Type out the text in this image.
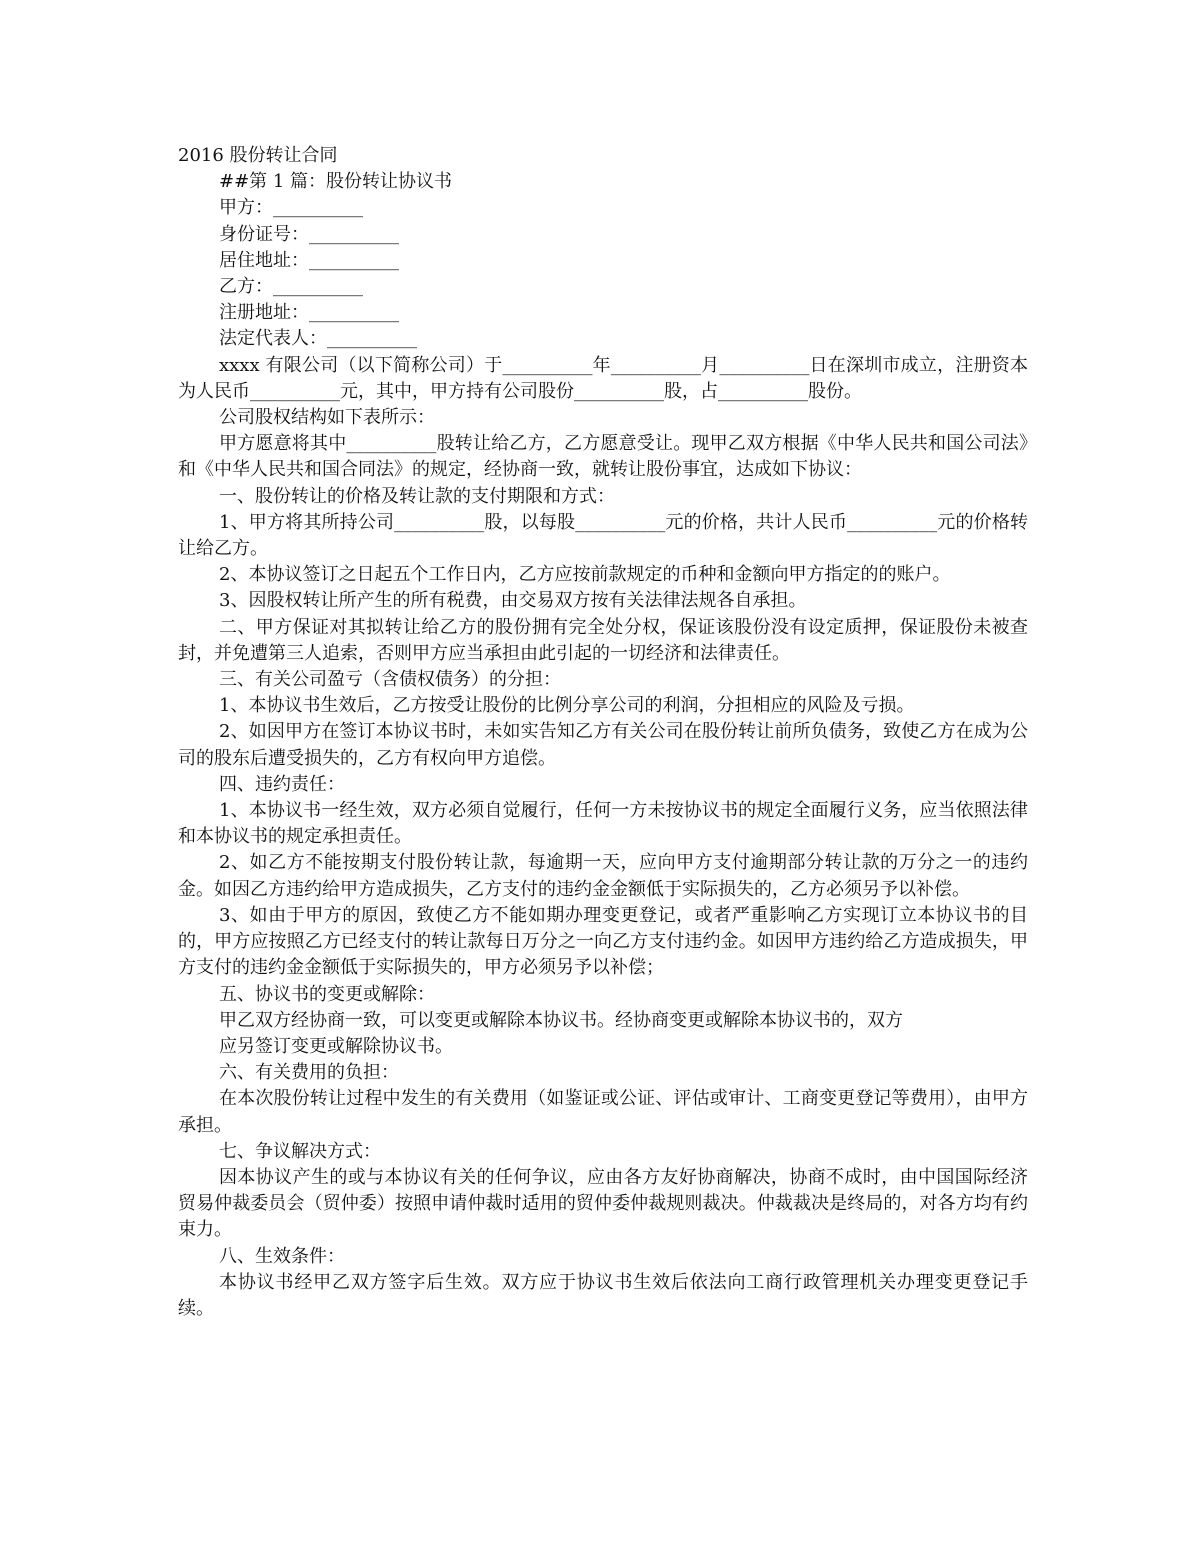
2016 股份转让合同

##第 1 篇：股份转让协议书

甲方：__________

身份证号：__________

居住地址：__________

乙方：__________

注册地址：__________

法定代表人：__________

xxxx 有限公司（以下简称公司）于__________年__________月__________日在深圳市成立，注册资本为人民币__________元，其中，甲方持有公司股份__________股，占__________股份。

公司股权结构如下表所示：

甲方愿意将其中__________股转让给乙方，乙方愿意受让。现甲乙双方根据《中华人民共和国公司法》和《中华人民共和国合同法》的规定，经协商一致，就转让股份事宜，达成如下协议：

一、股份转让的价格及转让款的支付期限和方式：

1、甲方将其所持公司__________股，以每股__________元的价格，共计人民币__________元的价格转让给乙方。

2、本协议签订之日起五个工作日内，乙方应按前款规定的币种和金额向甲方指定的的账户。

3、因股权转让所产生的所有税费，由交易双方按有关法律法规各自承担。

二、甲方保证对其拟转让给乙方的股份拥有完全处分权，保证该股份没有设定质押，保证股份未被查封，并免遭第三人追索，否则甲方应当承担由此引起的一切经济和法律责任。

三、有关公司盈亏（含债权债务）的分担：

1、本协议书生效后，乙方按受让股份的比例分享公司的利润，分担相应的风险及亏损。

2、如因甲方在签订本协议书时，未如实告知乙方有关公司在股份转让前所负债务，致使乙方在成为公司的股东后遭受损失的，乙方有权向甲方追偿。

四、违约责任：

1、本协议书一经生效，双方必须自觉履行，任何一方未按协议书的规定全面履行义务，应当依照法律和本协议书的规定承担责任。

2、如乙方不能按期支付股份转让款，每逾期一天，应向甲方支付逾期部分转让款的万分之一的违约金。如因乙方违约给甲方造成损失，乙方支付的违约金金额低于实际损失的，乙方必须另予以补偿。

3、如由于甲方的原因，致使乙方不能如期办理变更登记，或者严重影响乙方实现订立本协议书的目的，甲方应按照乙方已经支付的转让款每日万分之一向乙方支付违约金。如因甲方违约给乙方造成损失，甲方支付的违约金金额低于实际损失的，甲方必须另予以补偿；

五、协议书的变更或解除：

甲乙双方经协商一致，可以变更或解除本协议书。经协商变更或解除本协议书的，双方

应另签订变更或解除协议书。

六、有关费用的负担：

在本次股份转让过程中发生的有关费用（如鉴证或公证、评估或审计、工商变更登记等费用），由甲方承担。

七、争议解决方式：

因本协议产生的或与本协议有关的任何争议，应由各方友好协商解决，协商不成时，由中国国际经济贸易仲裁委员会（贸仲委）按照申请仲裁时适用的贸仲委仲裁规则裁决。仲裁裁决是终局的，对各方均有约束力。

八、生效条件：

本协议书经甲乙双方签字后生效。双方应于协议书生效后依法向工商行政管理机关办理变更登记手续。
